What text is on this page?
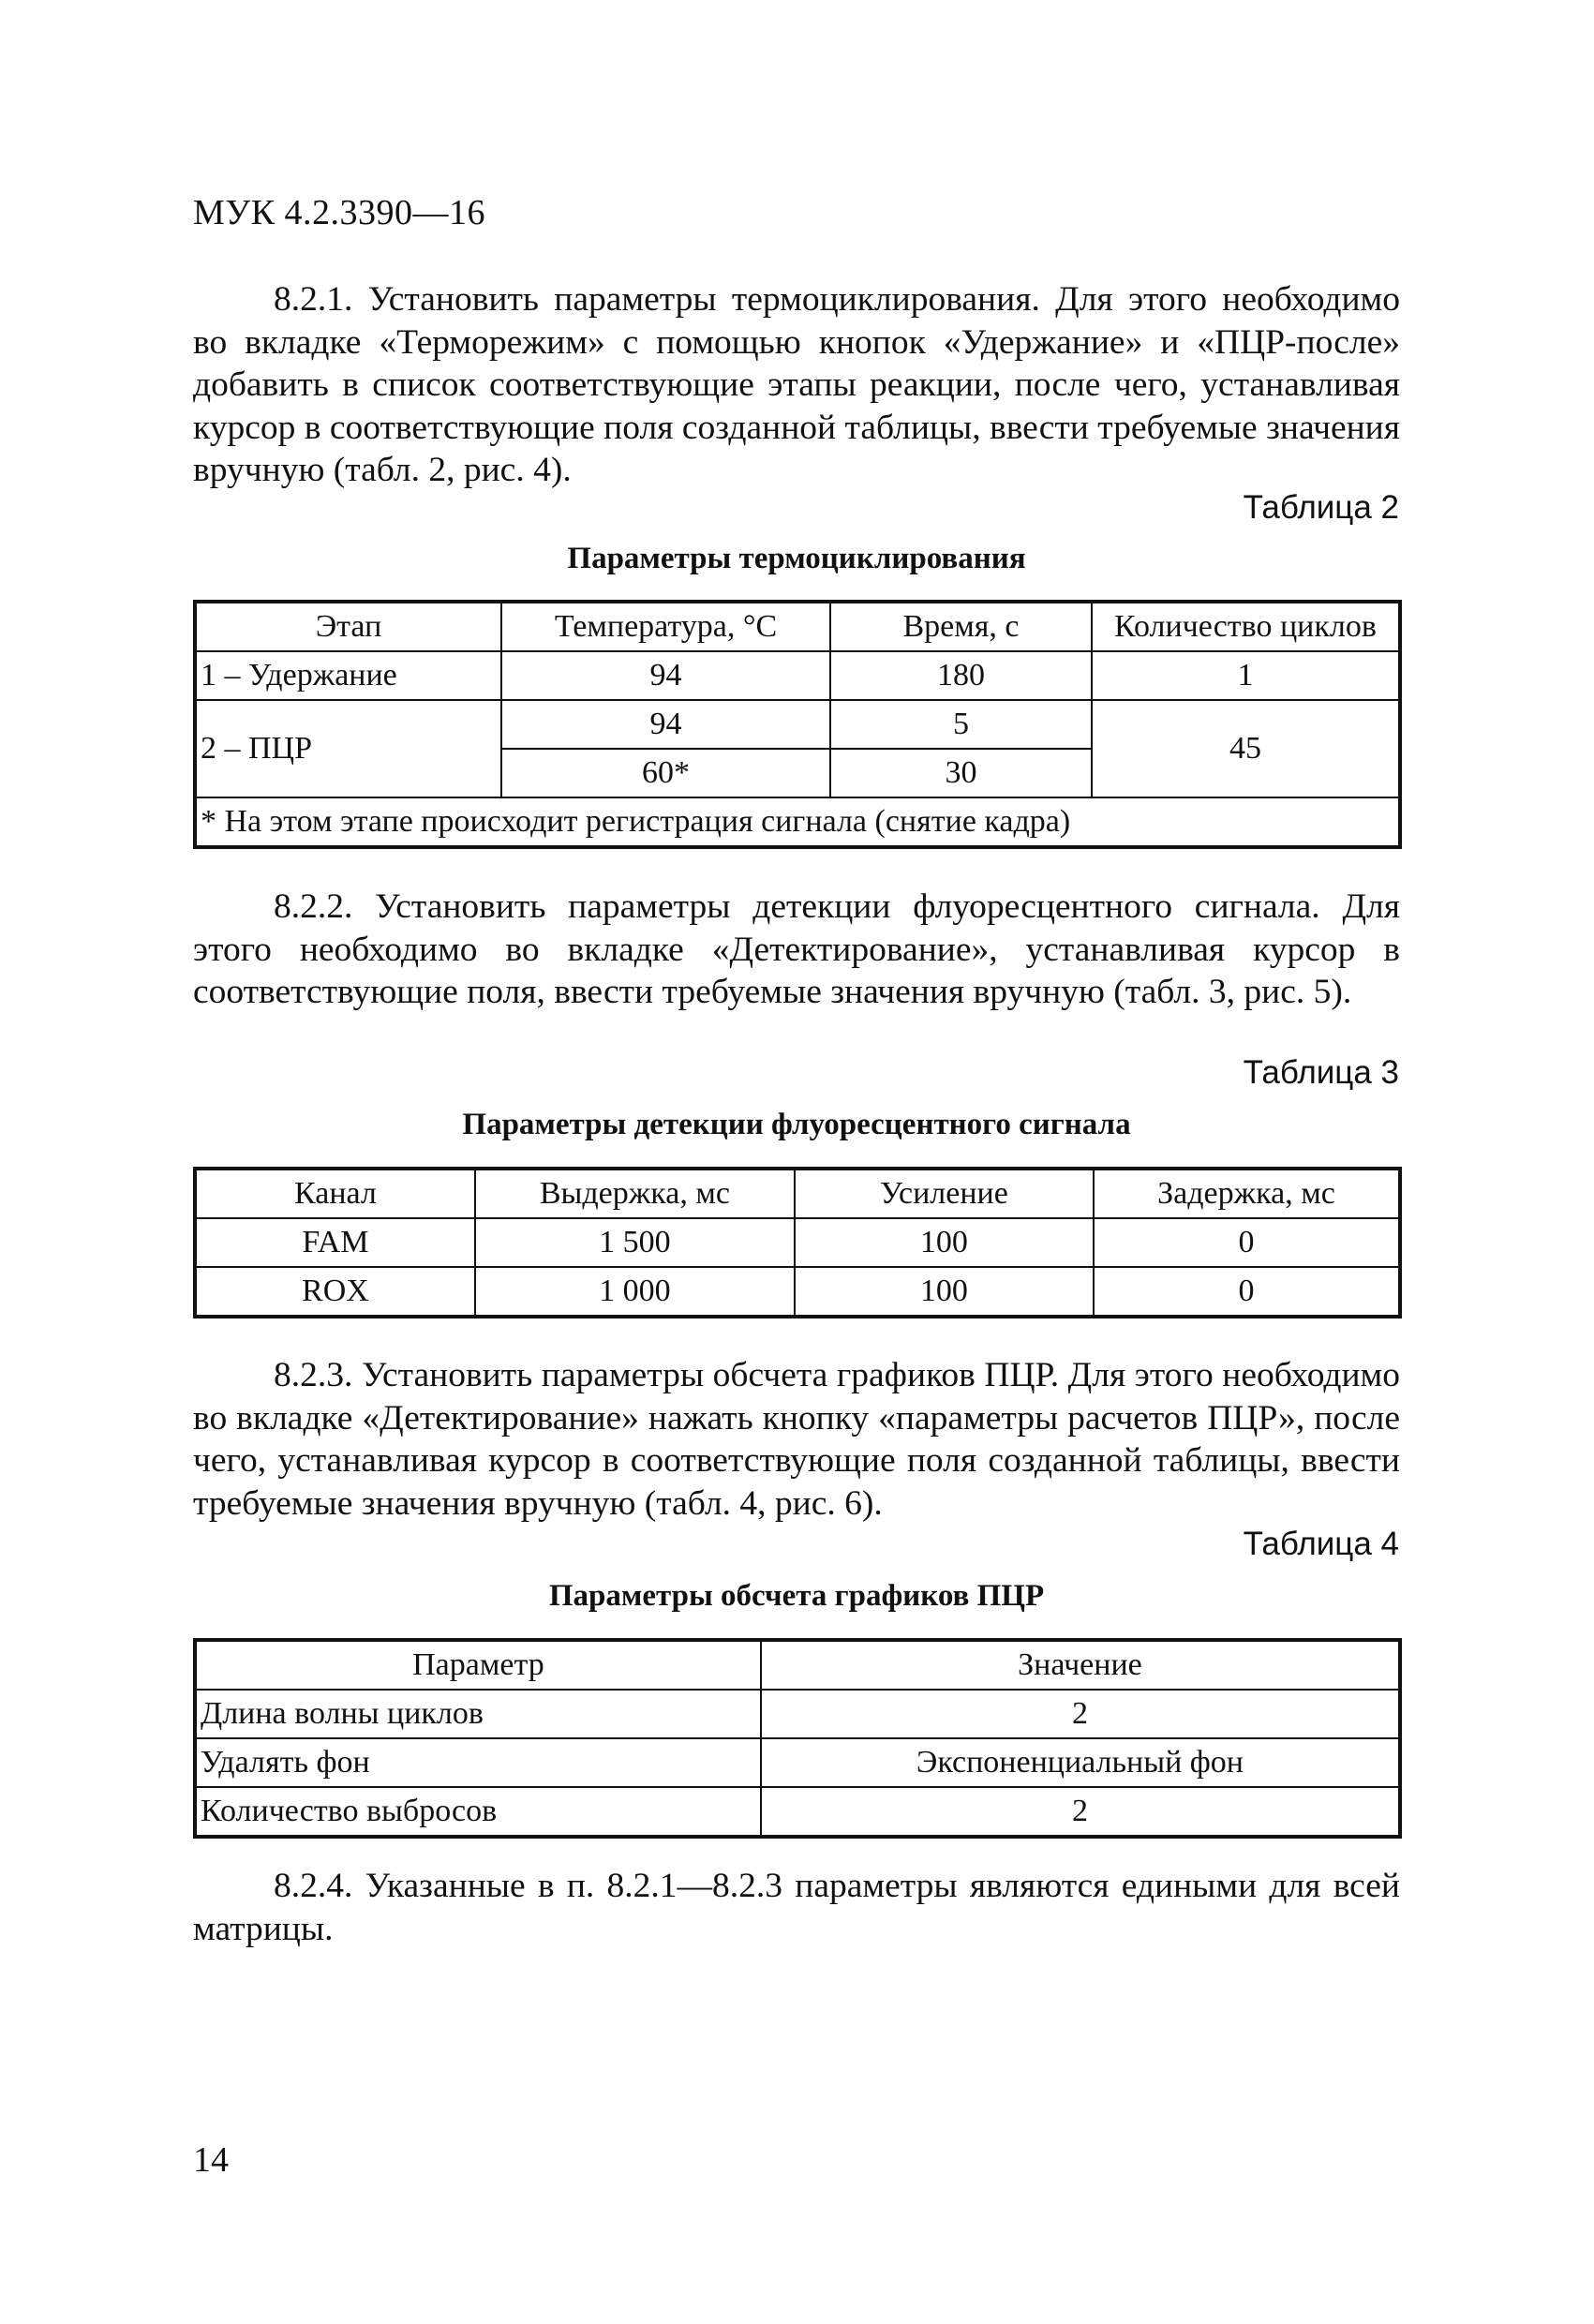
МУК 4.2.3390—16

8.2.1. Установить параметры термоциклирования. Для этого необходимо во вкладке «Терморежим» с помощью кнопок «Удержание» и «ПЦР-после» добавить в список соответствующие этапы реакции, после чего, устанавливая курсор в соответствующие поля созданной таблицы, ввести требуемые значения вручную (табл. 2, рис. 4).

Таблица 2
Параметры термоциклирования
Этап	Температура, °С	Время, с	Количество циклов
1 – Удержание	94	180	1
2 – ПЦР	94	5	45
	60*	30	
* На этом этапе происходит регистрация сигнала (снятие кадра)			

8.2.2. Установить параметры детекции флуоресцентного сигнала. Для этого необходимо во вкладке «Детектирование», устанавливая курсор в соответствующие поля, ввести требуемые значения вручную (табл. 3, рис. 5).

Таблица 3
Параметры детекции флуоресцентного сигнала
Канал	Выдержка, мс	Усиление	Задержка, мс
FAM	1 500	100	0
ROX	1 000	100	0

8.2.3. Установить параметры обсчета графиков ПЦР. Для этого необходимо во вкладке «Детектирование» нажать кнопку «параметры расчетов ПЦР», после чего, устанавливая курсор в соответствующие поля созданной таблицы, ввести требуемые значения вручную (табл. 4, рис. 6).

Таблица 4
Параметры обсчета графиков ПЦР
Параметр	Значение
Длина волны циклов	2
Удалять фон	Экспоненциальный фон
Количество выбросов	2

8.2.4. Указанные в п. 8.2.1—8.2.3 параметры являются едиными для всей матрицы.

14
